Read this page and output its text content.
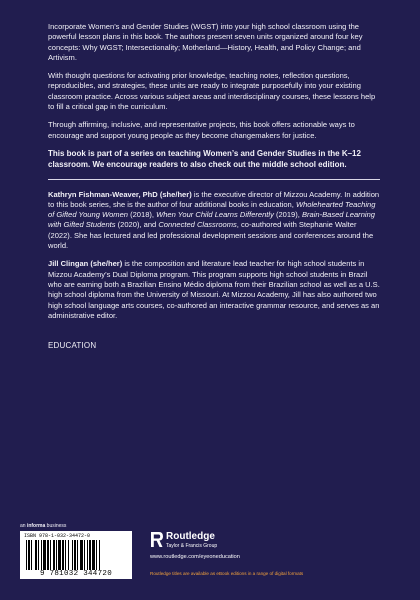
Incorporate Women’s and Gender Studies (WGST) into your high school classroom using the powerful lesson plans in this book. The authors present seven units organized around four key concepts: Why WGST; Intersectionality; Motherland—History, Health, and Policy Change; and Artivism.

With thought questions for activating prior knowledge, teaching notes, reflection questions, reproducibles, and strategies, these units are ready to integrate purposefully into your existing classroom practice. Across various subject areas and interdisciplinary courses, these lessons help to fill a critical gap in the curriculum.

Through affirming, inclusive, and representative projects, this book offers actionable ways to encourage and support young people as they become changemakers for justice.

This book is part of a series on teaching Women’s and Gender Studies in the K–12 classroom. We encourage readers to also check out the middle school edition.

Kathryn Fishman-Weaver, PhD (she/her) is the executive director of Mizzou Academy. In addition to this book series, she is the author of four additional books in education, Wholehearted Teaching of Gifted Young Women (2018), When Your Child Learns Differently (2019), Brain-Based Learning with Gifted Students (2020), and Connected Classrooms, co-authored with Stephanie Walter (2022). She has lectured and led professional development sessions and conferences around the world.

Jill Clingan (she/her) is the composition and literature lead teacher for high school students in Mizzou Academy’s Dual Diploma program. This program supports high school students in Brazil who are earning both a Brazilian Ensino Médio diploma from their Brazilian school as well as a U.S. high school diploma from the University of Missouri. At Mizzou Academy, Jill has also authored two high school language arts courses, co-authored an interactive grammar resource, and serves as an administrative editor.

EDUCATION
an informa business
ISBN 978-1-032-34472-0
9 781032 344720
Routledge
Taylor & Francis Group
www.routledge.com/eyeoneducation
Routledge titles are available as eBook editions in a range of digital formats
